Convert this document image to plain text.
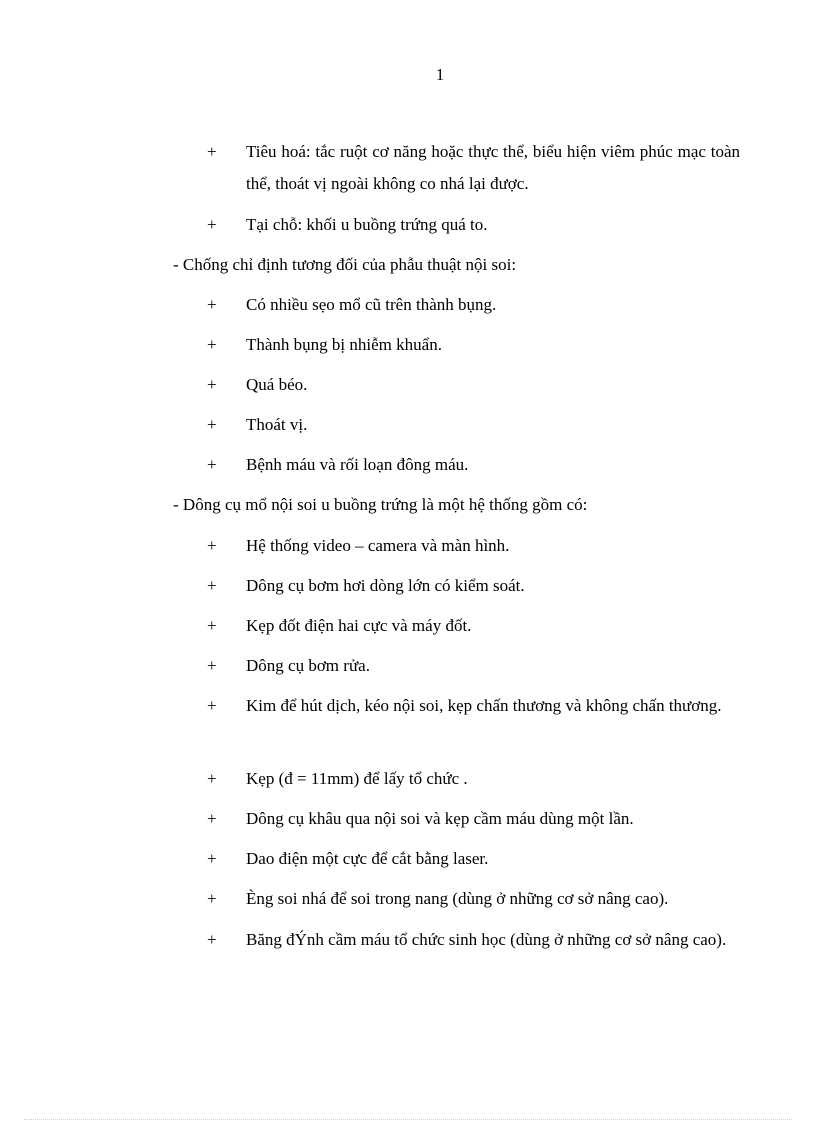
1
+ Tiêu hoá: tắc ruột cơ năng hoặc thực thể, biểu hiện viêm phúc mạc toàn thể, thoát vị ngoài không co nhá lại được.
+ Tại chỗ: khối u buồng trứng quá to.
- Chống chỉ định tương đối của phẫu thuật nội soi:
+ Có nhiều sẹo mổ cũ trên thành bụng.
+ Thành bụng bị nhiễm khuẩn.
+ Quá béo.
+ Thoát vị.
+ Bệnh máu và rối loạn đông máu.
- Dông cụ mổ nội soi u buồng trứng là một hệ thống gồm có:
+ Hệ thống video – camera và màn hình.
+ Dông cụ bơm hơi dòng lớn có kiểm soát.
+ Kẹp đốt điện hai cực và máy đốt.
+ Dông cụ bơm rửa.
+ Kim để hút dịch, kéo nội soi, kẹp chấn thương và không chấn thương.
+ Kẹp (đ = 11mm) để lấy tổ chức .
+ Dông cụ khâu qua nội soi và kẹp cầm máu dùng một lần.
+ Dao điện một cực để cắt bằng laser.
+ Èng soi nhá để soi trong nang (dùng ở những cơ sở nâng cao).
+ Băng đÝnh cầm máu tổ chức sinh học (dùng ở những cơ sở nâng cao).
